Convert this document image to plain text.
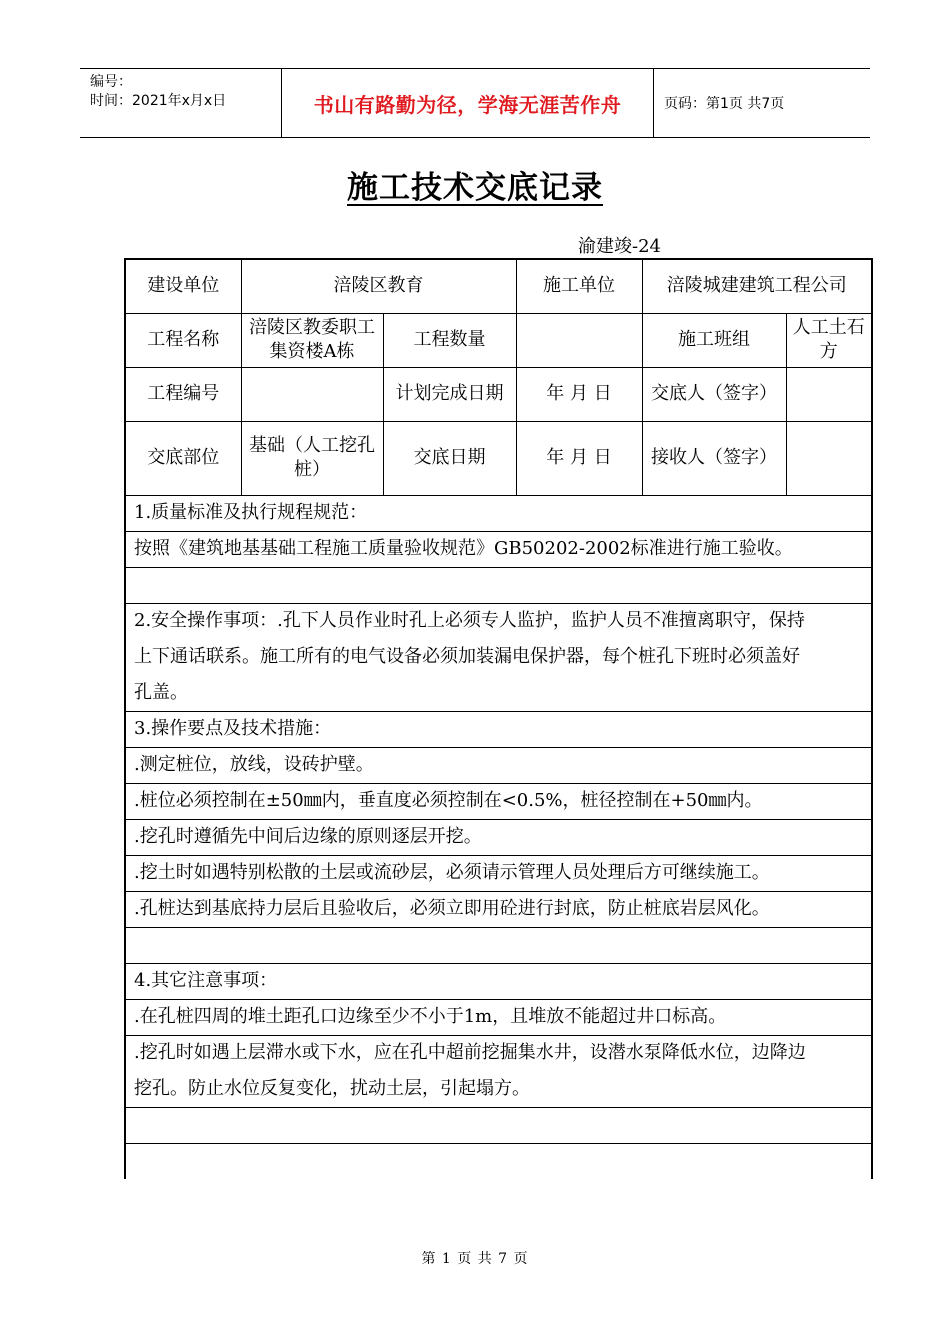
编号：
时间：2021年x月x日	书山有路勤为径，学海无涯苦作舟	页码：第1页 共7页
施工技术交底记录
渝建竣-24
建设单位	涪陵区教育		施工单位	涪陵城建建筑工程公司	
工程名称	涪陵区教委职工集资楼A栋	工程数量		施工班组	人工土石方
工程编号		计划完成日期	年 月 日	交底人（签字）	
交底部位	基础（人工挖孔桩）	交底日期	年 月 日	接收人（签字）	
1.质量标准及执行规程规范：					
按照《建筑地基基础工程施工质量验收规范》GB50202-2002标准进行施工验收。					

2.安全操作事项：.孔下人员作业时孔上必须专人监护，监护人员不准擅离职守，保持					
上下通话联系。施工所有的电气设备必须加装漏电保护器，每个桩孔下班时必须盖好					
孔盖。					
3.操作要点及技术措施：					
.测定桩位，放线，设砖护壁。					
.桩位必须控制在±50㎜内，垂直度必须控制在<0.5%，桩径控制在+50㎜内。					
.挖孔时遵循先中间后边缘的原则逐层开挖。					
.挖土时如遇特别松散的土层或流砂层，必须请示管理人员处理后方可继续施工。					
.孔桩达到基底持力层后且验收后，必须立即用砼进行封底，防止桩底岩层风化。					

4.其它注意事项：					
.在孔桩四周的堆土距孔口边缘至少不小于1m，且堆放不能超过井口标高。					
.挖孔时如遇上层滞水或下水，应在孔中超前挖掘集水井，设潜水泵降低水位，边降边					
挖孔。防止水位反复变化，扰动土层，引起塌方。					

第 1 页 共 7 页
